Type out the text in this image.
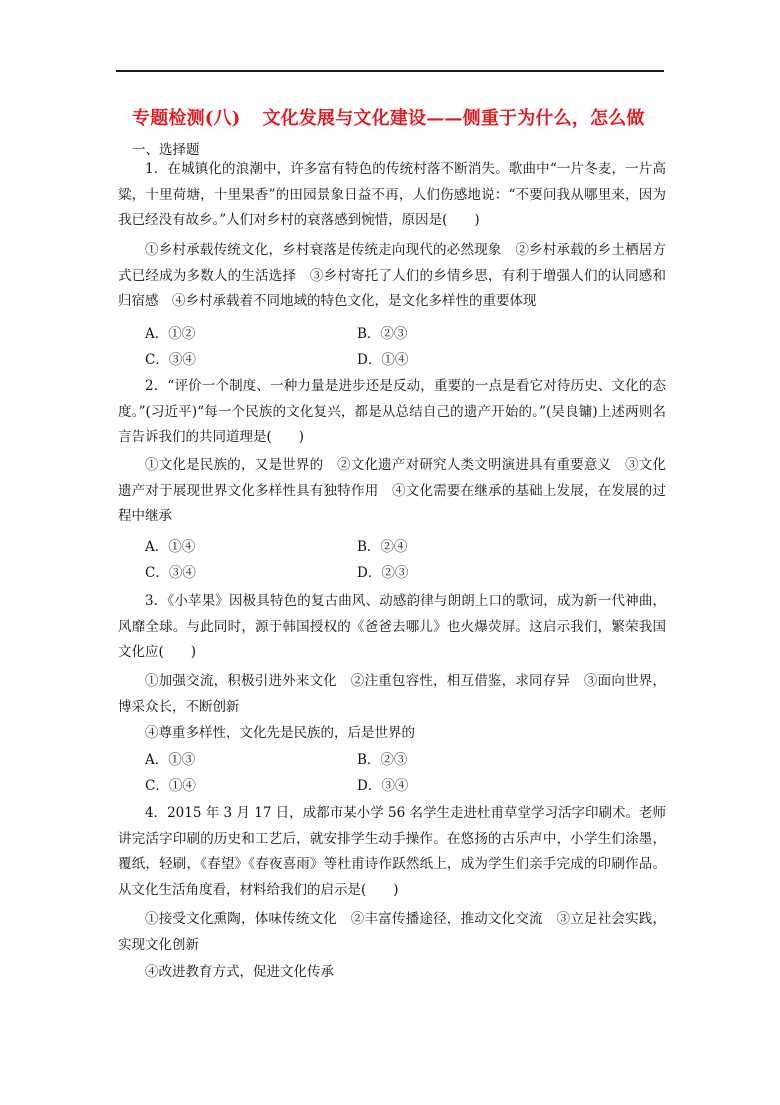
专题检测(八) 文化发展与文化建设——侧重于为什么，怎么做
一、选择题

1．在城镇化的浪潮中，许多富有特色的传统村落不断消失。歌曲中“一片冬麦，一片高粱，十里荷塘，十里果香”的田园景象日益不再，人们伤感地说：“不要问我从哪里来，因为我已经没有故乡。”人们对乡村的衰落感到惋惜，原因是(　　)

①乡村承载传统文化，乡村衰落是传统走向现代的必然现象　②乡村承载的乡土栖居方式已经成为多数人的生活选择　③乡村寄托了人们的乡情乡思，有利于增强人们的认同感和归宿感　④乡村承载着不同地域的特色文化，是文化多样性的重要体现

A．①②	B．②③
C．③④	D．①④

2．“评价一个制度、一种力量是进步还是反动，重要的一点是看它对待历史、文化的态度。”(习近平)“每一个民族的文化复兴，都是从总结自己的遗产开始的。”(吴良镛)上述两则名言告诉我们的共同道理是(　　)

①文化是民族的，又是世界的　②文化遗产对研究人类文明演进具有重要意义　③文化遗产对于展现世界文化多样性具有独特作用　④文化需要在继承的基础上发展，在发展的过程中继承

A．①④	B．②④
C．③④	D．②③

3．《小苹果》因极具特色的复古曲风、动感韵律与朗朗上口的歌词，成为新一代神曲，风靡全球。与此同时，源于韩国授权的《爸爸去哪儿》也火爆荧屏。这启示我们，繁荣我国文化应(　　)

①加强交流，积极引进外来文化　②注重包容性，相互借鉴，求同存异　③面向世界，博采众长，不断创新

④尊重多样性，文化先是民族的，后是世界的

A．①③	B．②③
C．①④	D．③④

4．2015 年 3 月 17 日，成都市某小学 56 名学生走进杜甫草堂学习活字印刷术。老师讲完活字印刷的历史和工艺后，就安排学生动手操作。在悠扬的古乐声中，小学生们涂墨，覆纸，轻刷，《春望》《春夜喜雨》等杜甫诗作跃然纸上，成为学生们亲手完成的印刷作品。从文化生活角度看，材料给我们的启示是(　　)

①接受文化熏陶，体味传统文化　②丰富传播途径，推动文化交流　③立足社会实践，实现文化创新

④改进教育方式，促进文化传承
